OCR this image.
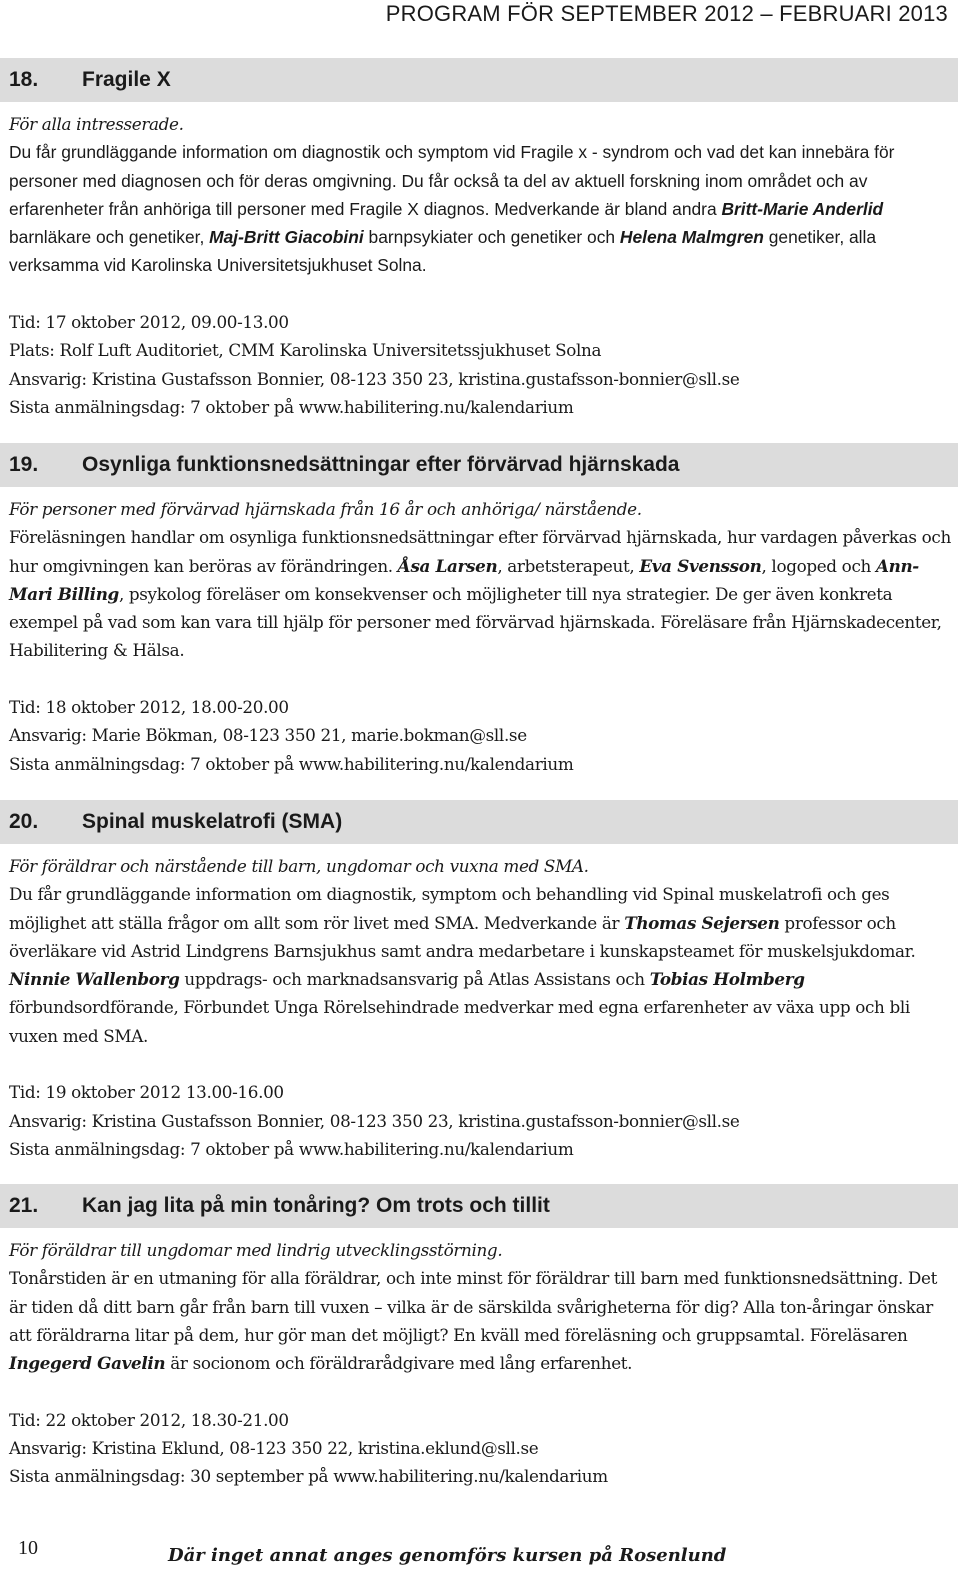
PROGRAM FÖR SEPTEMBER 2012 – FEBRUARI 2013
18. Fragile X

För alla intresserade.

Du får grundläggande information om diagnostik och symptom vid Fragile x - syndrom och vad det kan innebära för personer med diagnosen och för deras omgivning. Du får också ta del av aktuell forskning inom området och av erfarenheter från anhöriga till personer med Fragile X diagnos. Medverkande är bland andra Britt-Marie Anderlid barnläkare och genetiker, Maj-Britt Giacobini barnpsykiater och genetiker och Helena Malmgren genetiker, alla verksamma vid Karolinska Universitetsjukhuset Solna.

Tid: 17 oktober 2012, 09.00-13.00

Plats: Rolf Luft Auditoriet, CMM Karolinska Universitetssjukhuset Solna

Ansvarig: Kristina Gustafsson Bonnier, 08-123 350 23, kristina.gustafsson-bonnier@sll.se

Sista anmälningsdag: 7 oktober på www.habilitering.nu/kalendarium

19. Osynliga funktionsnedsättningar efter förvärvad hjärnskada

För personer med förvärvad hjärnskada från 16 år och anhöriga/ närstående.

Föreläsningen handlar om osynliga funktionsnedsättningar efter förvärvad hjärnskada, hur vardagen påverkas och hur omgivningen kan beröras av förändringen. Åsa Larsen, arbetsterapeut, Eva Svensson, logoped och Ann-Mari Billing, psykolog föreläser om konsekvenser och möjligheter till nya strategier. De ger även konkreta exempel på vad som kan vara till hjälp för personer med förvärvad hjärnskada. Föreläsare från Hjärnskadecenter, Habilitering & Hälsa.

Tid: 18 oktober 2012, 18.00-20.00

Ansvarig: Marie Bökman, 08-123 350 21, marie.bokman@sll.se

Sista anmälningsdag: 7 oktober på www.habilitering.nu/kalendarium

20. Spinal muskelatrofi (SMA)

För föräldrar och närstående till barn, ungdomar och vuxna med SMA.

Du får grundläggande information om diagnostik, symptom och behandling vid Spinal muskelatrofi och ges möjlighet att ställa frågor om allt som rör livet med SMA. Medverkande är Thomas Sejersen professor och överläkare vid Astrid Lindgrens Barnsjukhus samt andra medarbetare i kunskapsteamet för muskelsjukdomar. Ninnie Wallenborg uppdrags- och marknadsansvarig på Atlas Assistans och Tobias Holmberg förbundsordförande, Förbundet Unga Rörelsehindrade medverkar med egna erfarenheter av växa upp och bli vuxen med SMA.

Tid: 19 oktober 2012 13.00-16.00

Ansvarig: Kristina Gustafsson Bonnier, 08-123 350 23, kristina.gustafsson-bonnier@sll.se

Sista anmälningsdag: 7 oktober på www.habilitering.nu/kalendarium

21. Kan jag lita på min tonåring? Om trots och tillit

För föräldrar till ungdomar med lindrig utvecklingsstörning.

Tonårstiden är en utmaning för alla föräldrar, och inte minst för föräldrar till barn med funktionsnedsättning. Det är tiden då ditt barn går från barn till vuxen – vilka är de särskilda svårigheterna för dig? Alla ton-åringar önskar att föräldrarna litar på dem, hur gör man det möjligt? En kväll med föreläsning och gruppsamtal. Föreläsaren Ingegerd Gavelin är socionom och föräldrarådgivare med lång erfarenhet.

Tid: 22 oktober 2012, 18.30-21.00

Ansvarig: Kristina Eklund, 08-123 350 22, kristina.eklund@sll.se

Sista anmälningsdag: 30 september på www.habilitering.nu/kalendarium

10	Där inget annat anges genomförs kursen på Rosenlund
